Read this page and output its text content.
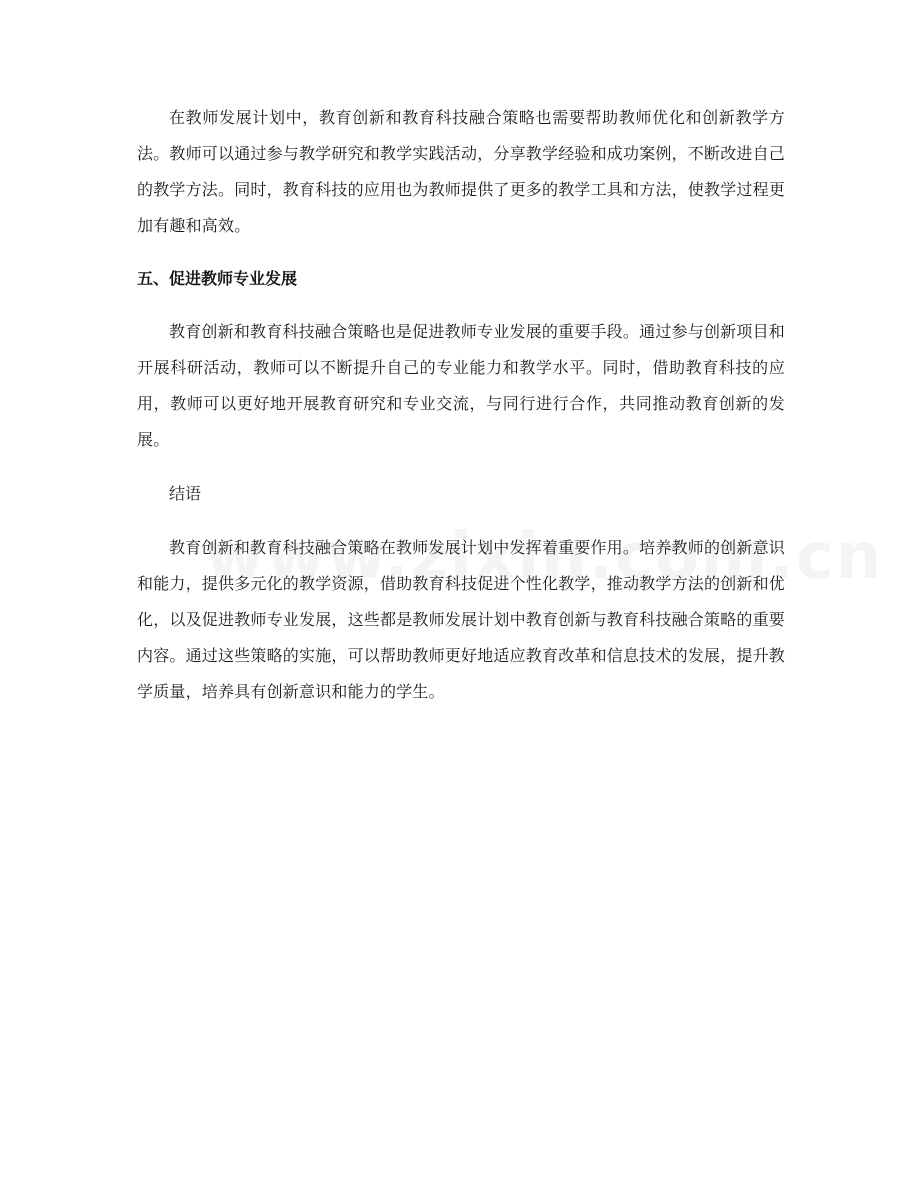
在教师发展计划中，教育创新和教育科技融合策略也需要帮助教师优化和创新教学方法。教师可以通过参与教学研究和教学实践活动，分享教学经验和成功案例，不断改进自己的教学方法。同时，教育科技的应用也为教师提供了更多的教学工具和方法，使教学过程更加有趣和高效。

五、促进教师专业发展

教育创新和教育科技融合策略也是促进教师专业发展的重要手段。通过参与创新项目和开展科研活动，教师可以不断提升自己的专业能力和教学水平。同时，借助教育科技的应用，教师可以更好地开展教育研究和专业交流，与同行进行合作，共同推动教育创新的发展。

结语

教育创新和教育科技融合策略在教师发展计划中发挥着重要作用。培养教师的创新意识和能力，提供多元化的教学资源，借助教育科技促进个性化教学，推动教学方法的创新和优化，以及促进教师专业发展，这些都是教师发展计划中教育创新与教育科技融合策略的重要内容。通过这些策略的实施，可以帮助教师更好地适应教育改革和信息技术的发展，提升教学质量，培养具有创新意识和能力的学生。
